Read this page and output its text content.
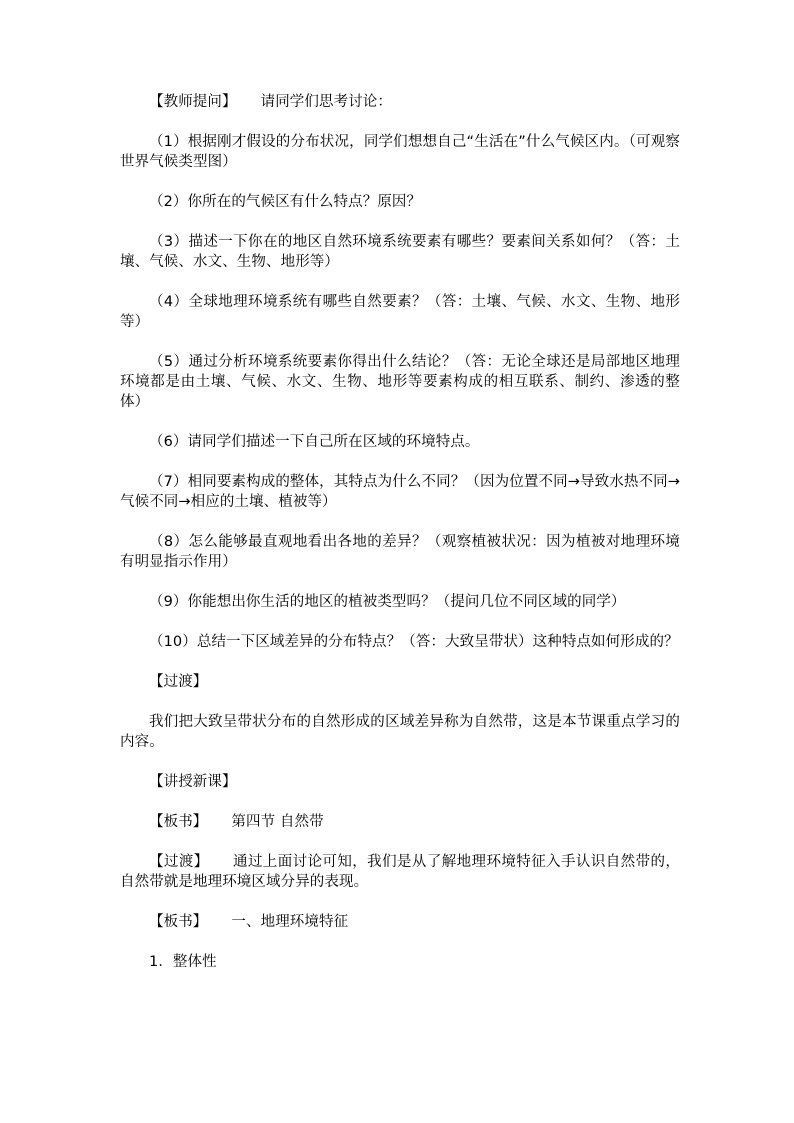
【教师提问】 请同学们思考讨论：

（1）根据刚才假设的分布状况，同学们想想自己“生活在”什么气候区内。（可观察世界气候类型图）

（2）你所在的气候区有什么特点？原因？

（3）描述一下你在的地区自然环境系统要素有哪些？要素间关系如何？（答：土壤、气候、水文、生物、地形等）

（4）全球地理环境系统有哪些自然要素？（答：土壤、气候、水文、生物、地形等）

（5）通过分析环境系统要素你得出什么结论？（答：无论全球还是局部地区地理环境都是由土壤、气候、水文、生物、地形等要素构成的相互联系、制约、渗透的整体）

（6）请同学们描述一下自己所在区域的环境特点。

（7）相同要素构成的整体，其特点为什么不同？（因为位置不同→导致水热不同→气候不同→相应的土壤、植被等）

（8）怎么能够最直观地看出各地的差异？（观察植被状况：因为植被对地理环境有明显指示作用）

（9）你能想出你生活的地区的植被类型吗？（提问几位不同区域的同学）

（10）总结一下区域差异的分布特点？（答：大致呈带状）这种特点如何形成的？

【过渡】

我们把大致呈带状分布的自然形成的区域差异称为自然带，这是本节课重点学习的内容。

【讲授新课】

【板书】 第四节 自然带

【过渡】 通过上面讨论可知，我们是从了解地理环境特征入手认识自然带的，自然带就是地理环境区域分异的表现。

【板书】 一、地理环境特征

1．整体性
